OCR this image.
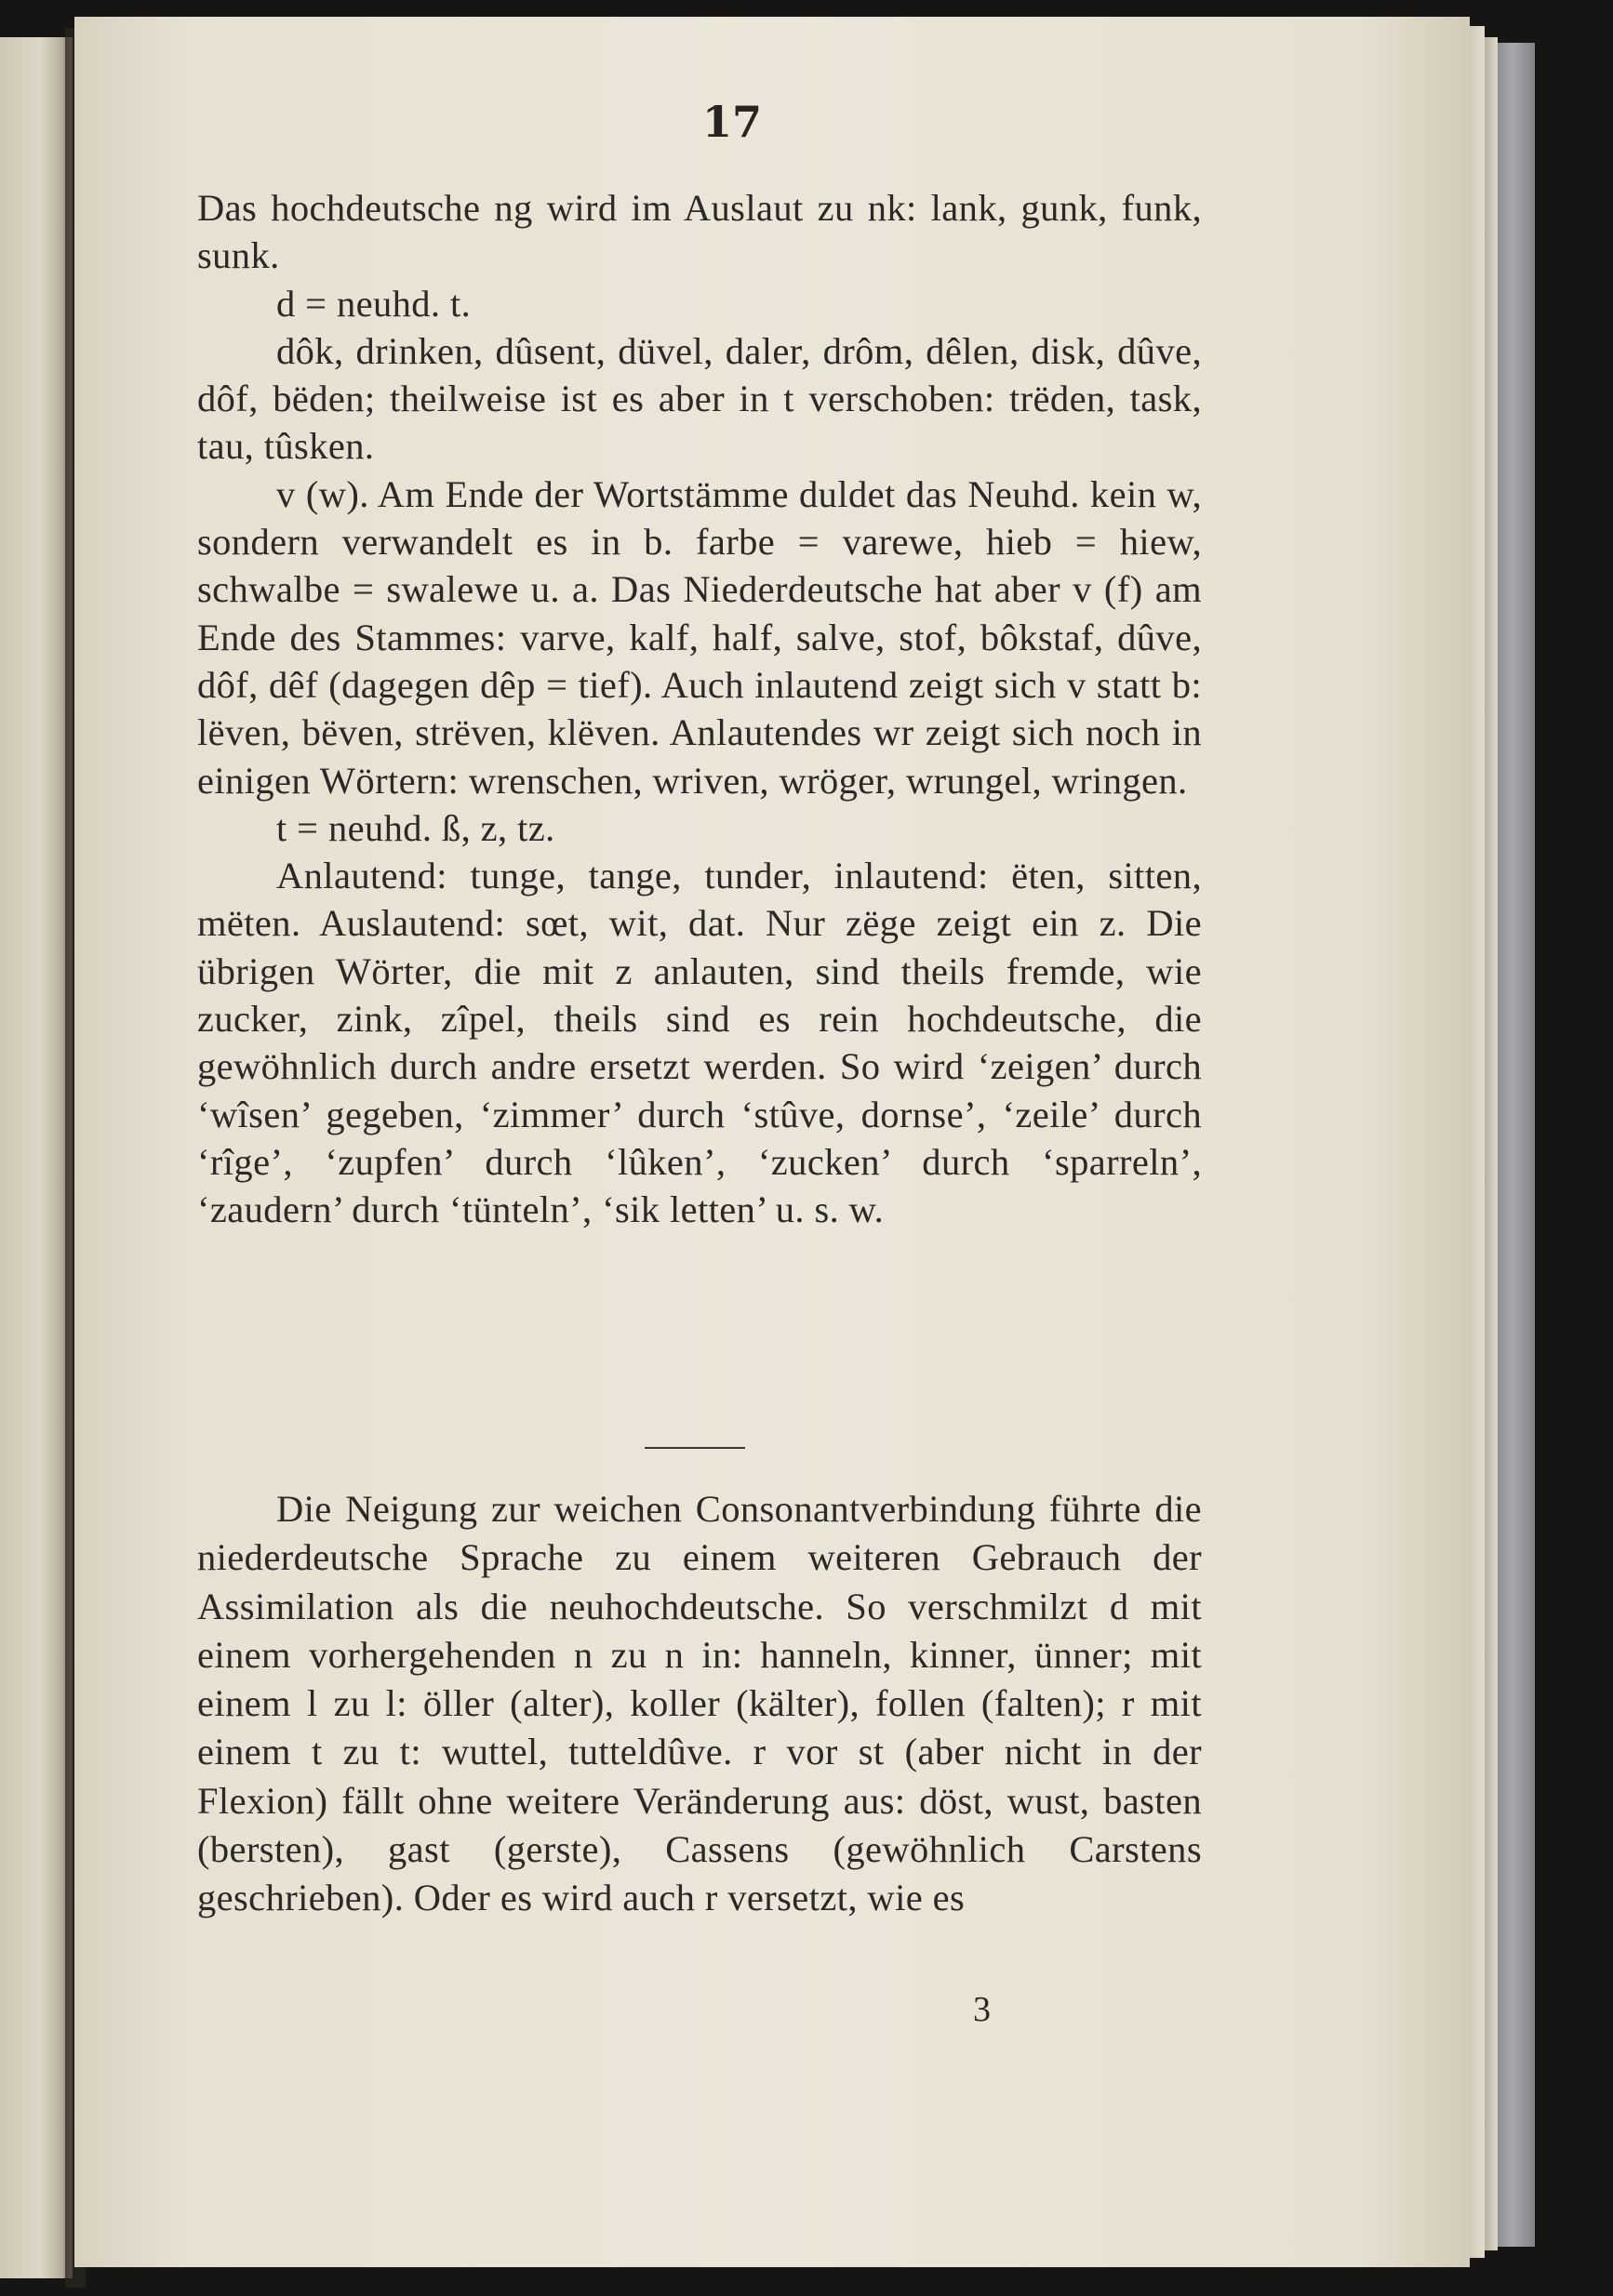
17

Das hochdeutsche ng wird im Auslaut zu nk: lank, gunk, funk, sunk.

d = neuhd. t.

dôk, drinken, dûsent, düvel, daler, drôm, dêlen, disk, dûve, dôf, bëden; theilweise ist es aber in t verschoben: trëden, task, tau, tûsken.

v (w). Am Ende der Wortstämme duldet das Neuhd. kein w, sondern verwandelt es in b. farbe = varewe, hieb = hiew, schwalbe = swalewe u. a. Das Niederdeutsche hat aber v (f) am Ende des Stammes: varve, kalf, half, salve, stof, bôkstaf, dûve, dôf, dêf (dagegen dêp = tief). Auch inlautend zeigt sich v statt b: lëven, bëven, strëven, klëven. Anlautendes wr zeigt sich noch in einigen Wörtern: wrenschen, wriven, wröger, wrungel, wringen.

t = neuhd. ß, z, tz.

Anlautend: tunge, tange, tunder, inlautend: ëten, sitten, mëten. Auslautend: sœt, wit, dat. Nur zëge zeigt ein z. Die übrigen Wörter, die mit z anlauten, sind theils fremde, wie zucker, zink, zîpel, theils sind es rein hochdeutsche, die gewöhnlich durch andre ersetzt werden. So wird ‘zeigen’ durch ‘wîsen’ gegeben, ‘zimmer’ durch ‘stûve, dornse’, ‘zeile’ durch ‘rîge’, ‘zupfen’ durch ‘lûken’, ‘zucken’ durch ‘sparreln’, ‘zaudern’ durch ‘tünteln’, ‘sik letten’ u. s. w.

Die Neigung zur weichen Consonantverbindung führte die niederdeutsche Sprache zu einem weiteren Gebrauch der Assimilation als die neuhochdeutsche. So verschmilzt d mit einem vorhergehenden n zu n in: hanneln, kinner, ünner; mit einem l zu l: öller (alter), koller (kälter), follen (falten); r mit einem t zu t: wuttel, tutteldûve. r vor st (aber nicht in der Flexion) fällt ohne weitere Veränderung aus: döst, wust, basten (bersten), gast (gerste), Cassens (gewöhnlich Carstens geschrieben). Oder es wird auch r versetzt, wie es

3
